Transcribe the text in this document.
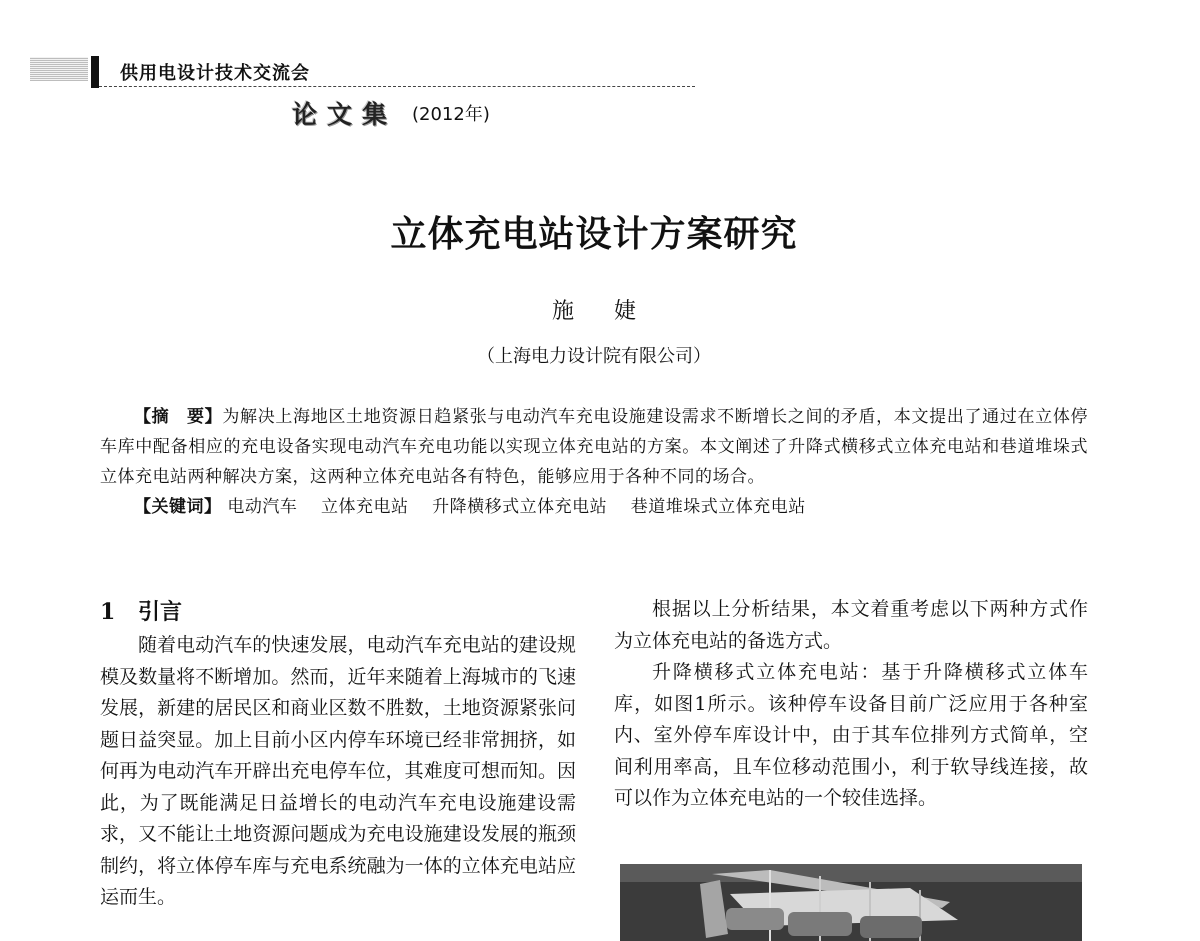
供用电设计技术交流会
论文集 (2012年)
立体充电站设计方案研究
施 婕
（上海电力设计院有限公司）

【摘　要】为解决上海地区土地资源日趋紧张与电动汽车充电设施建设需求不断增长之间的矛盾，本文提出了通过在立体停车库中配备相应的充电设备实现电动汽车充电功能以实现立体充电站的方案。本文阐述了升降式横移式立体充电站和巷道堆垛式立体充电站两种解决方案，这两种立体充电站各有特色，能够应用于各种不同的场合。

【关键词】 电动汽车 立体充电站 升降横移式立体充电站 巷道堆垛式立体充电站

1 引言

随着电动汽车的快速发展，电动汽车充电站的建设规模及数量将不断增加。然而，近年来随着上海城市的飞速发展，新建的居民区和商业区数不胜数，土地资源紧张问题日益突显。加上目前小区内停车环境已经非常拥挤，如何再为电动汽车开辟出充电停车位，其难度可想而知。因此，为了既能满足日益增长的电动汽车充电设施建设需求，又不能让土地资源问题成为充电设施建设发展的瓶颈制约，将立体停车库与充电系统融为一体的立体充电站应运而生。

根据以上分析结果，本文着重考虑以下两种方式作为立体充电站的备选方式。

升降横移式立体充电站：基于升降横移式立体车库，如图1所示。该种停车设备目前广泛应用于各种室内、室外停车库设计中，由于其车位排列方式简单，空间利用率高，且车位移动范围小，利于软导线连接，故可以作为立体充电站的一个较佳选择。
